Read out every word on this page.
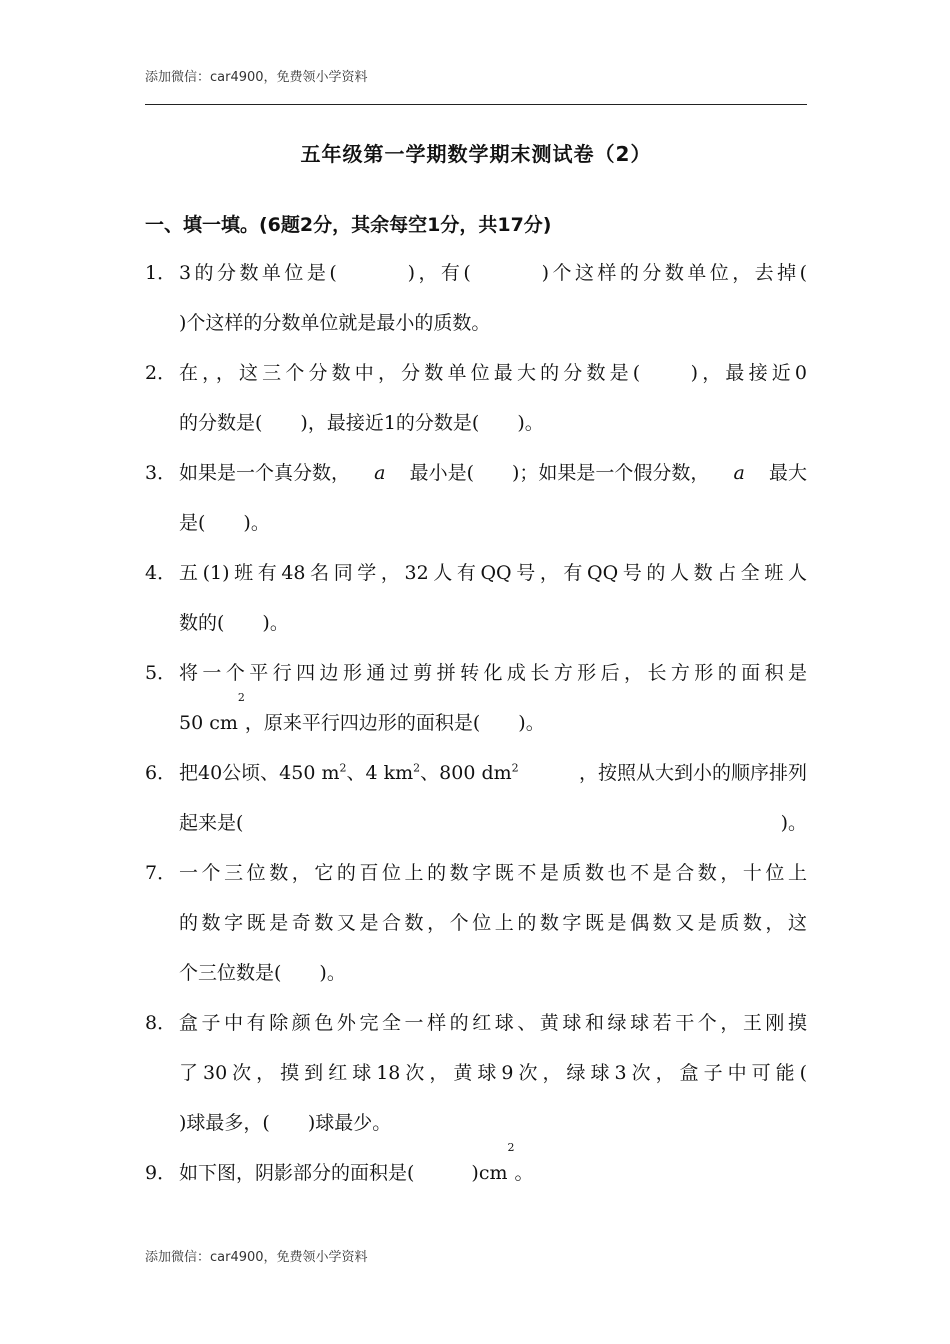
添加微信：car4900，免费领小学资料
五年级第一学期数学期末测试卷（2）
一、填一填。(6题2分，其余每空1分，共17分)
1． 3的分数单位是(　　　)，有(　　　)个这样的分数单位，去掉(
)个这样的分数单位就是最小的质数。
2． 在，，这三个分数中，分数单位最大的分数是(　　)，最接近0
的分数是(　　)，最接近1的分数是(　　)。
3． 如果是一个真分数， a 最小是(　　)；如果是一个假分数， a 最大
是(　　)。
4． 五(1)班有48名同学，32人有QQ号，有QQ号的人数占全班人
数的(　　)。
5． 将一个平行四边形通过剪拼转化成长方形后，长方形的面积是
50 cm
2
，原来平行四边形的面积是(　　)。
6． 把40公顷、450 $m^2$、4 $km^2$、800 $dm^2$	，按照从大到小的顺序排列
起来是(	)。
7． 一个三位数，它的百位上的数字既不是质数也不是合数，十位上
的数字既是奇数又是合数，个位上的数字既是偶数又是质数，这
个三位数是(　　)。
8． 盒子中有除颜色外完全一样的红球、黄球和绿球若干个，王刚摸
了30次，摸到红球18次，黄球9次，绿球3次，盒子中可能(
)球最多，(　　)球最少。
9． 如下图，阴影部分的面积是(　　　)cm
2
。
添加微信：car4900，免费领小学资料
